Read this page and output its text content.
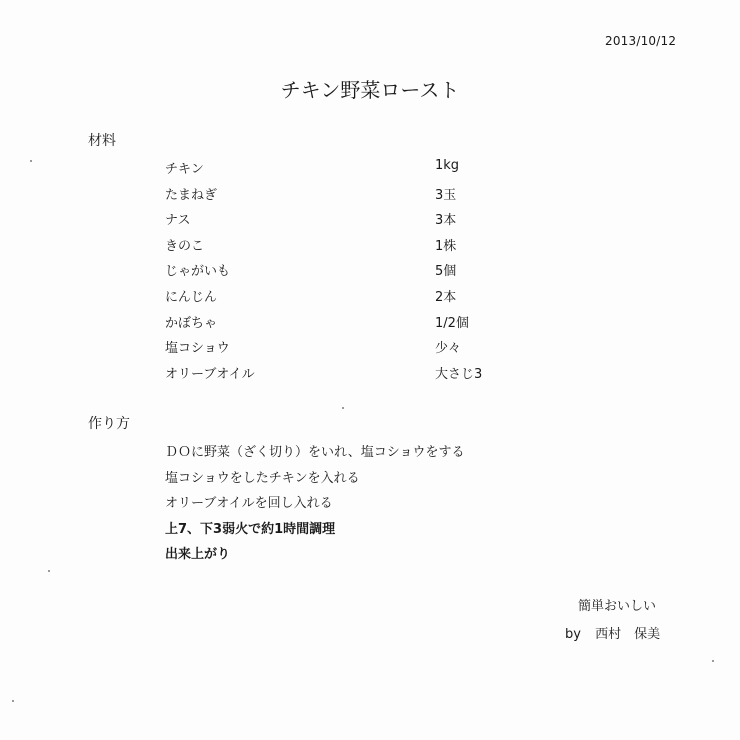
2013/10/12
チキン野菜ロースト
材料
チキン	1kg
たまねぎ	3玉
ナス	3本
きのこ	1株
じゃがいも	5個
にんじん	2本
かぼちゃ	1/2個
塩コショウ	少々
オリーブオイル	大さじ3
作り方
ＤＯに野菜（ざく切り）をいれ、塩コショウをする
塩コショウをしたチキンを入れる
オリーブオイルを回し入れる
上7、下3弱火で約1時間調理
出来上がり
簡単おいしい
by 西村　保美
